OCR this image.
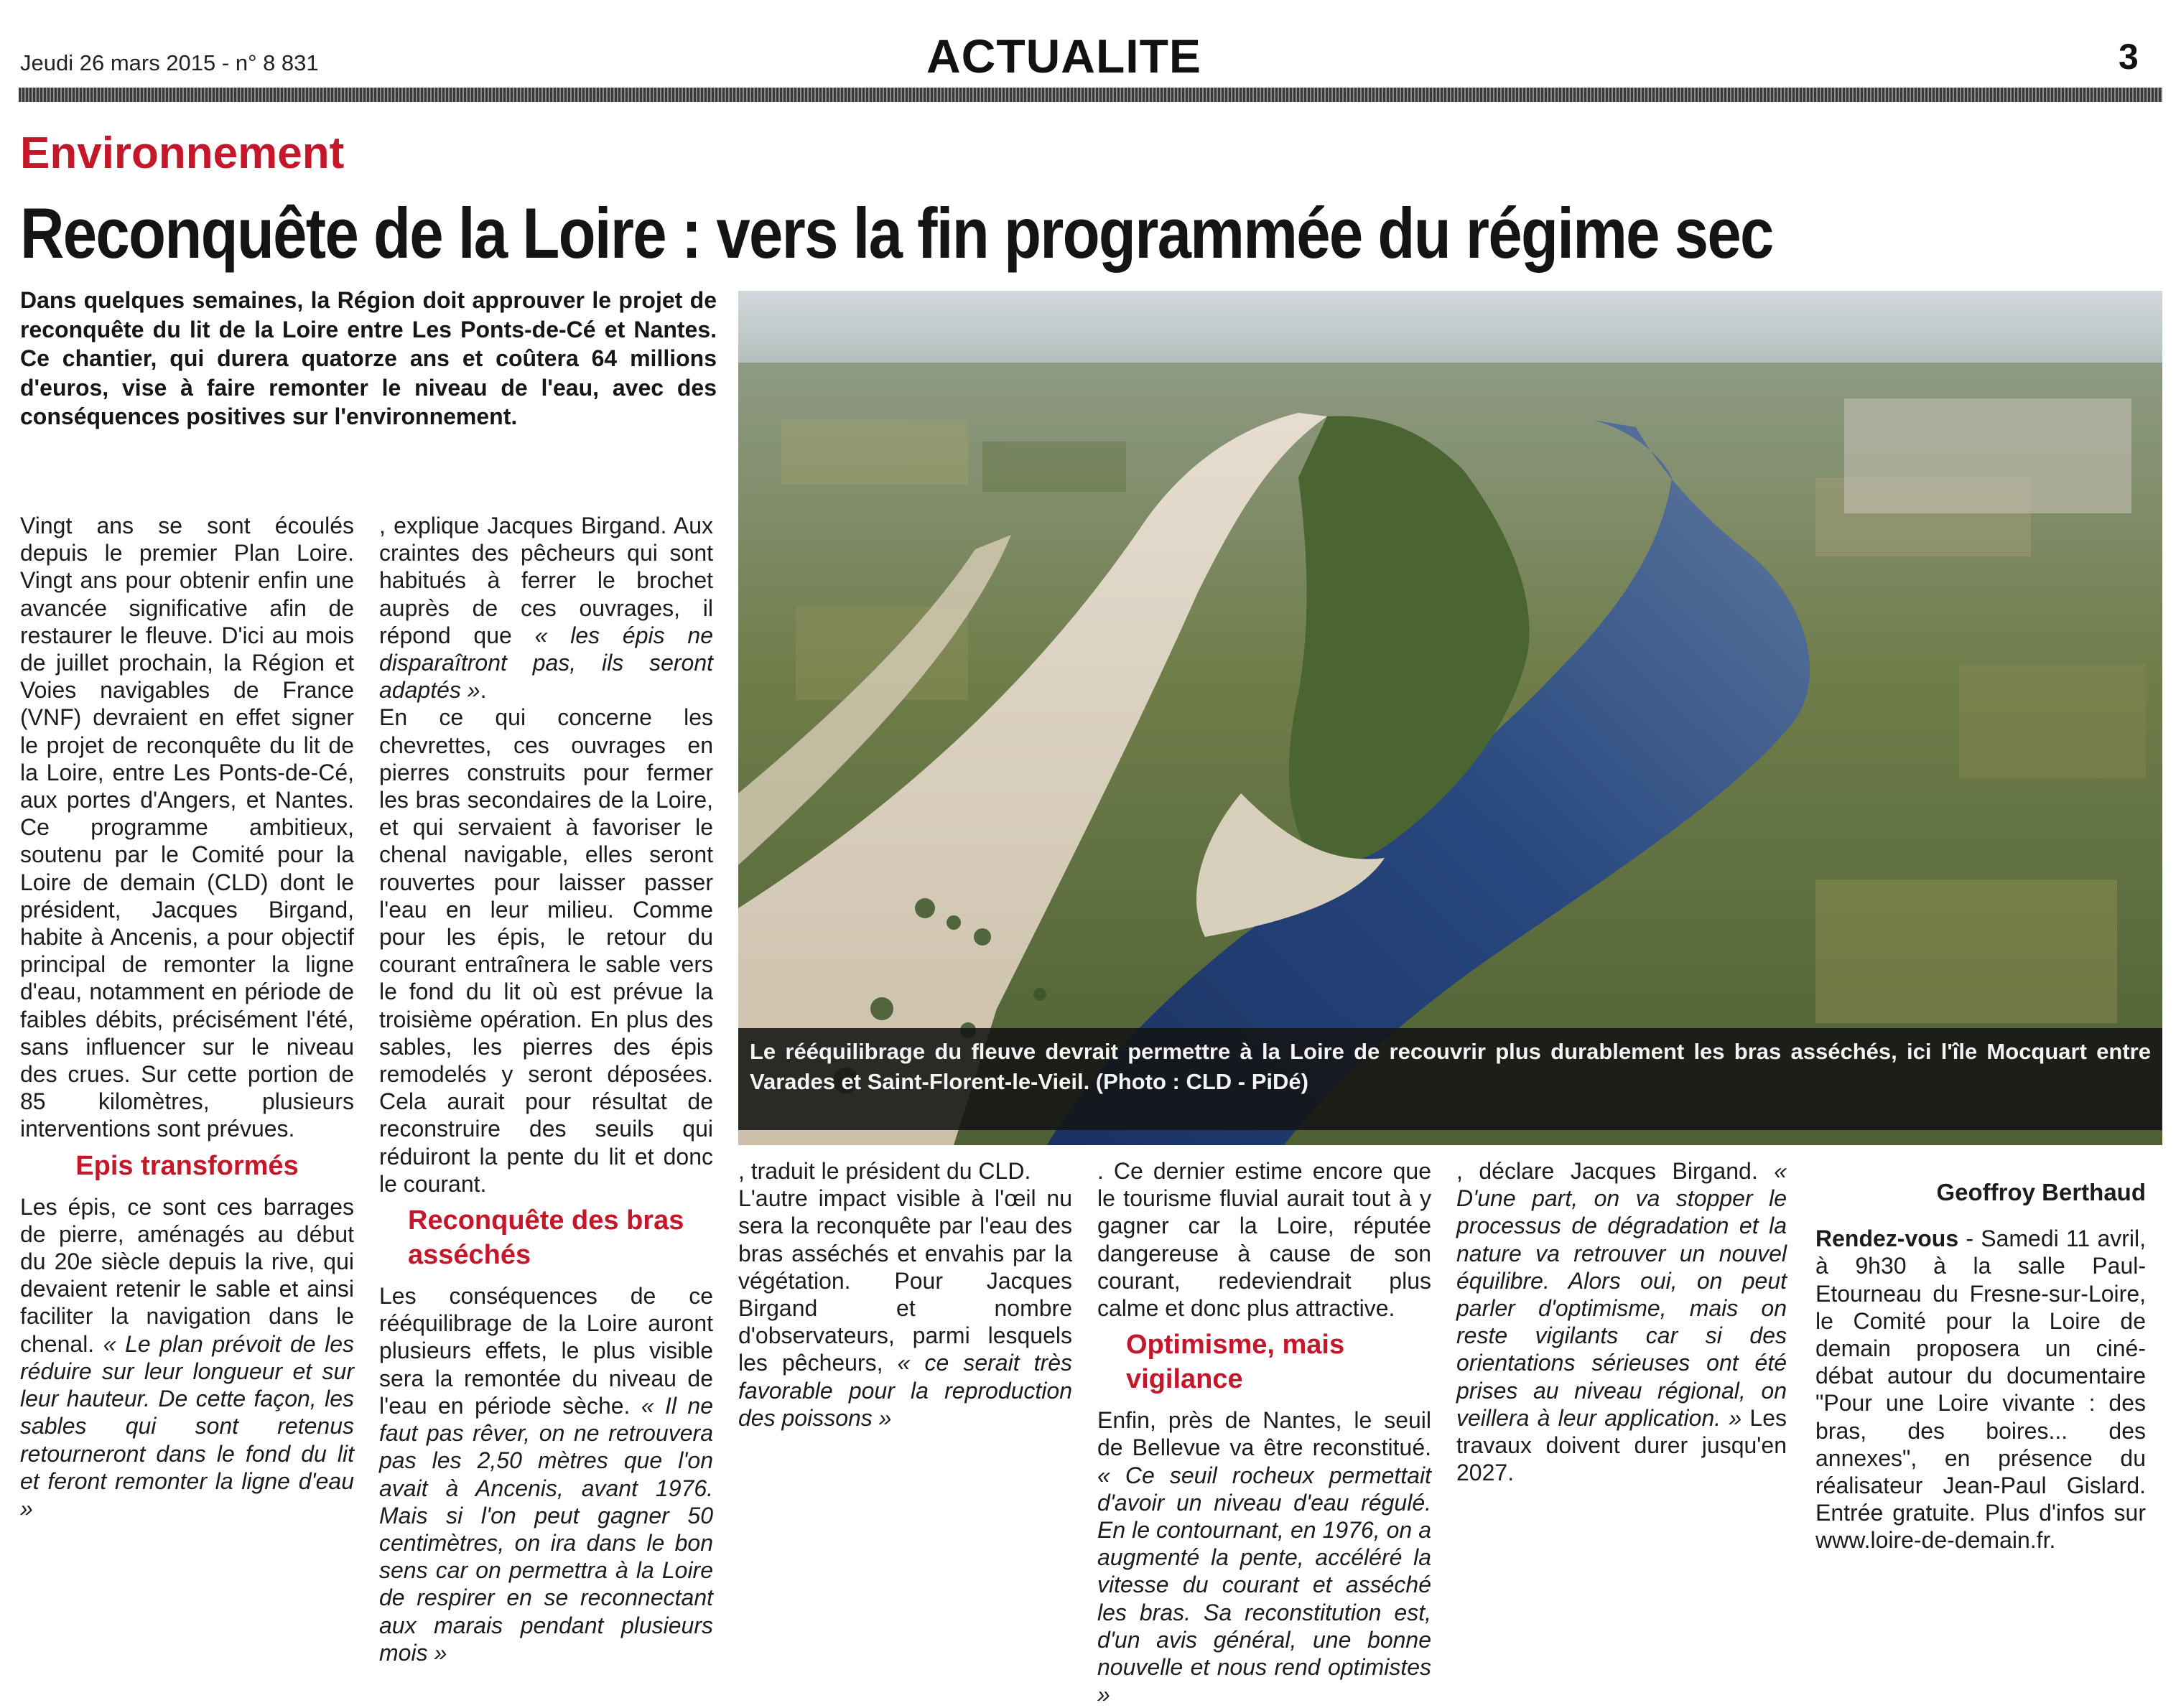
Jeudi 26 mars 2015 - n° 8 831	ACTUALITE	3
Environnement
Reconquête de la Loire : vers la fin programmée du régime sec
Dans quelques semaines, la Région doit approuver le projet de reconquête du lit de la Loire entre Les Ponts-de-Cé et Nantes. Ce chantier, qui durera quatorze ans et coûtera 64 millions d'euros, vise à faire remonter le niveau de l'eau, avec des conséquences positives sur l'environnement.
Le rééquilibrage du fleuve devrait permettre à la Loire de recouvrir plus durablement les bras asséchés, ici l'île Mocquart entre Varades et Saint-Florent-le-Vieil. (Photo : CLD - PiDé)

Vingt ans se sont écoulés depuis le premier Plan Loire. Vingt ans pour obtenir enfin une avancée significative afin de restaurer le fleuve. D'ici au mois de juillet prochain, la Région et Voies navigables de France (VNF) devraient en effet signer le projet de reconquête du lit de la Loire, entre Les Ponts-de-Cé, aux portes d'Angers, et Nantes. Ce programme ambitieux, soutenu par le Comité pour la Loire de demain (CLD) dont le président, Jacques Birgand, habite à Ancenis, a pour objectif principal de remonter la ligne d'eau, notamment en période de faibles débits, précisément l'été, sans influencer sur le niveau des crues. Sur cette portion de 85 kilomètres, plusieurs interventions sont prévues.

Epis transformés

Les épis, ce sont ces barrages de pierre, aménagés au début du 20e siècle depuis la rive, qui devaient retenir le sable et ainsi faciliter la navigation dans le chenal. « Le plan prévoit de les réduire sur leur longueur et sur leur hauteur. De cette façon, les sables qui sont retenus retourneront dans le fond du lit et feront remonter la ligne d'eau »

, explique Jacques Birgand. Aux craintes des pêcheurs qui sont habitués à ferrer le brochet auprès de ces ouvrages, il répond que « les épis ne disparaîtront pas, ils seront adaptés ».

En ce qui concerne les chevrettes, ces ouvrages en pierres construits pour fermer les bras secondaires de la Loire, et qui servaient à favoriser le chenal navigable, elles seront rouvertes pour laisser passer l'eau en leur milieu. Comme pour les épis, le retour du courant entraînera le sable vers le fond du lit où est prévue la troisième opération. En plus des sables, les pierres des épis remodelés y seront déposées. Cela aurait pour résultat de reconstruire des seuils qui réduiront la pente du lit et donc le courant.

Reconquête des bras asséchés

Les conséquences de ce rééquilibrage de la Loire auront plusieurs effets, le plus visible sera la remontée du niveau de l'eau en période sèche. « Il ne faut pas rêver, on ne retrouvera pas les 2,50 mètres que l'on avait à Ancenis, avant 1976. Mais si l'on peut gagner 50 centimètres, on ira dans le bon sens car on permettra à la Loire de respirer en se reconnectant aux marais pendant plusieurs mois »

, traduit le président du CLD.

L'autre impact visible à l'œil nu sera la reconquête par l'eau des bras asséchés et envahis par la végétation. Pour Jacques Birgand et nombre d'observateurs, parmi lesquels les pêcheurs, « ce serait très favorable pour la reproduction des poissons »

. Ce dernier estime encore que le tourisme fluvial aurait tout à y gagner car la Loire, réputée dangereuse à cause de son courant, redeviendrait plus calme et donc plus attractive.

Optimisme, mais vigilance

Enfin, près de Nantes, le seuil de Bellevue va être reconstitué. « Ce seuil rocheux permettait d'avoir un niveau d'eau régulé. En le contournant, en 1976, on a augmenté la pente, accéléré la vitesse du courant et asséché les bras. Sa reconstitution est, d'un avis général, une bonne nouvelle et nous rend optimistes »

, déclare Jacques Birgand. « D'une part, on va stopper le processus de dégradation et la nature va retrouver un nouvel équilibre. Alors oui, on peut parler d'optimisme, mais on reste vigilants car si des orientations sérieuses ont été prises au niveau régional, on veillera à leur application. » Les travaux doivent durer jusqu'en 2027.

Geoffroy Berthaud

Rendez-vous - Samedi 11 avril, à 9h30 à la salle Paul-Etourneau du Fresne-sur-Loire, le Comité pour la Loire de demain proposera un ciné-débat autour du documentaire "Pour une Loire vivante : des bras, des boires... des annexes", en présence du réalisateur Jean-Paul Gislard. Entrée gratuite. Plus d'infos sur www.loire-de-demain.fr.
